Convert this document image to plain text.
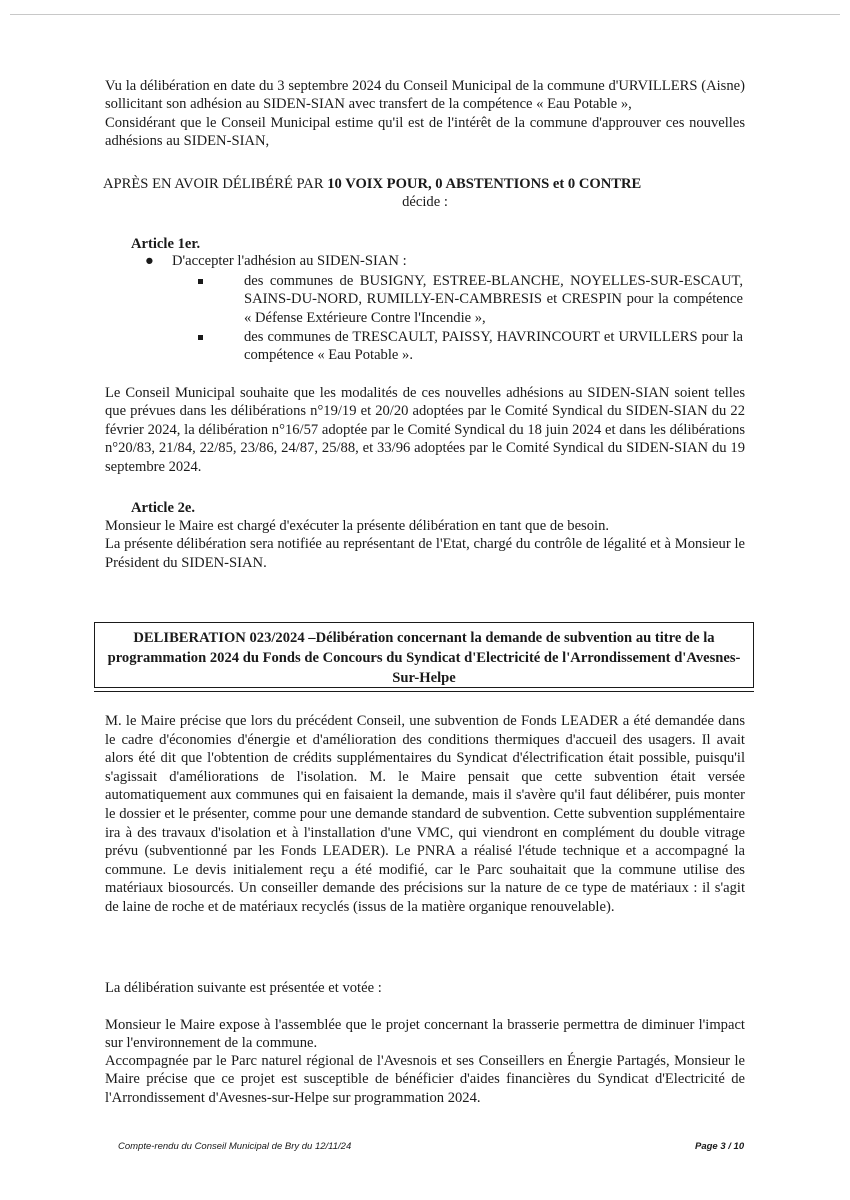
Vu la délibération en date du 3 septembre 2024 du Conseil Municipal de la commune d'URVILLERS (Aisne) sollicitant son adhésion au SIDEN-SIAN avec transfert de la compétence « Eau Potable »,

Considérant que le Conseil Municipal estime qu'il est de l'intérêt de la commune d'approuver ces nouvelles adhésions au SIDEN-SIAN,

APRÈS EN AVOIR DÉLIBÉRÉ PAR 10 VOIX POUR, 0 ABSTENTIONS et 0 CONTRE
décide :
Article 1er.
● D'accepter l'adhésion au SIDEN-SIAN :

des communes de BUSIGNY, ESTREE-BLANCHE, NOYELLES-SUR-ESCAUT, SAINS-DU-NORD, RUMILLY-EN-CAMBRESIS et CRESPIN pour la compétence « Défense Extérieure Contre l'Incendie »,

des communes de TRESCAULT, PAISSY, HAVRINCOURT et URVILLERS pour la compétence « Eau Potable ».

Le Conseil Municipal souhaite que les modalités de ces nouvelles adhésions au SIDEN-SIAN soient telles que prévues dans les délibérations n°19/19 et 20/20 adoptées par le Comité Syndical du SIDEN-SIAN du 22 février 2024, la délibération n°16/57 adoptée par le Comité Syndical du 18 juin 2024 et dans les délibérations n°20/83, 21/84, 22/85, 23/86, 24/87, 25/88, et 33/96 adoptées par le Comité Syndical du SIDEN-SIAN du 19 septembre 2024.
Article 2e.

Monsieur le Maire est chargé d'exécuter la présente délibération en tant que de besoin.

La présente délibération sera notifiée au représentant de l'Etat, chargé du contrôle de légalité et à Monsieur le Président du SIDEN-SIAN.

DELIBERATION 023/2024 –Délibération concernant la demande de subvention au titre de la programmation 2024 du Fonds de Concours du Syndicat d'Electricité de l'Arrondissement d'Avesnes-Sur-Helpe
M. le Maire précise que lors du précédent Conseil, une subvention de Fonds LEADER a été demandée dans le cadre d'économies d'énergie et d'amélioration des conditions thermiques d'accueil des usagers. Il avait alors été dit que l'obtention de crédits supplémentaires du Syndicat d'électrification était possible, puisqu'il s'agissait d'améliorations de l'isolation. M. le Maire pensait que cette subvention était versée automatiquement aux communes qui en faisaient la demande, mais il s'avère qu'il faut délibérer, puis monter le dossier et le présenter, comme pour une demande standard de subvention. Cette subvention supplémentaire ira à des travaux d'isolation et à l'installation d'une VMC, qui viendront en complément du double vitrage prévu (subventionné par les Fonds LEADER). Le PNRA a réalisé l'étude technique et a accompagné la commune. Le devis initialement reçu a été modifié, car le Parc souhaitait que la commune utilise des matériaux biosourcés. Un conseiller demande des précisions sur la nature de ce type de matériaux : il s'agit de laine de roche et de matériaux recyclés (issus de la matière organique renouvelable).
La délibération suivante est présentée et votée :
Monsieur le Maire expose à l'assemblée que le projet concernant la brasserie permettra de diminuer l'impact sur l'environnement de la commune.
Accompagnée par le Parc naturel régional de l'Avesnois et ses Conseillers en Énergie Partagés, Monsieur le Maire précise que ce projet est susceptible de bénéficier d'aides financières du Syndicat d'Electricité de l'Arrondissement d'Avesnes-sur-Helpe sur programmation 2024.
Compte-rendu du Conseil Municipal de Bry du 12/11/24	Page 3 / 10
